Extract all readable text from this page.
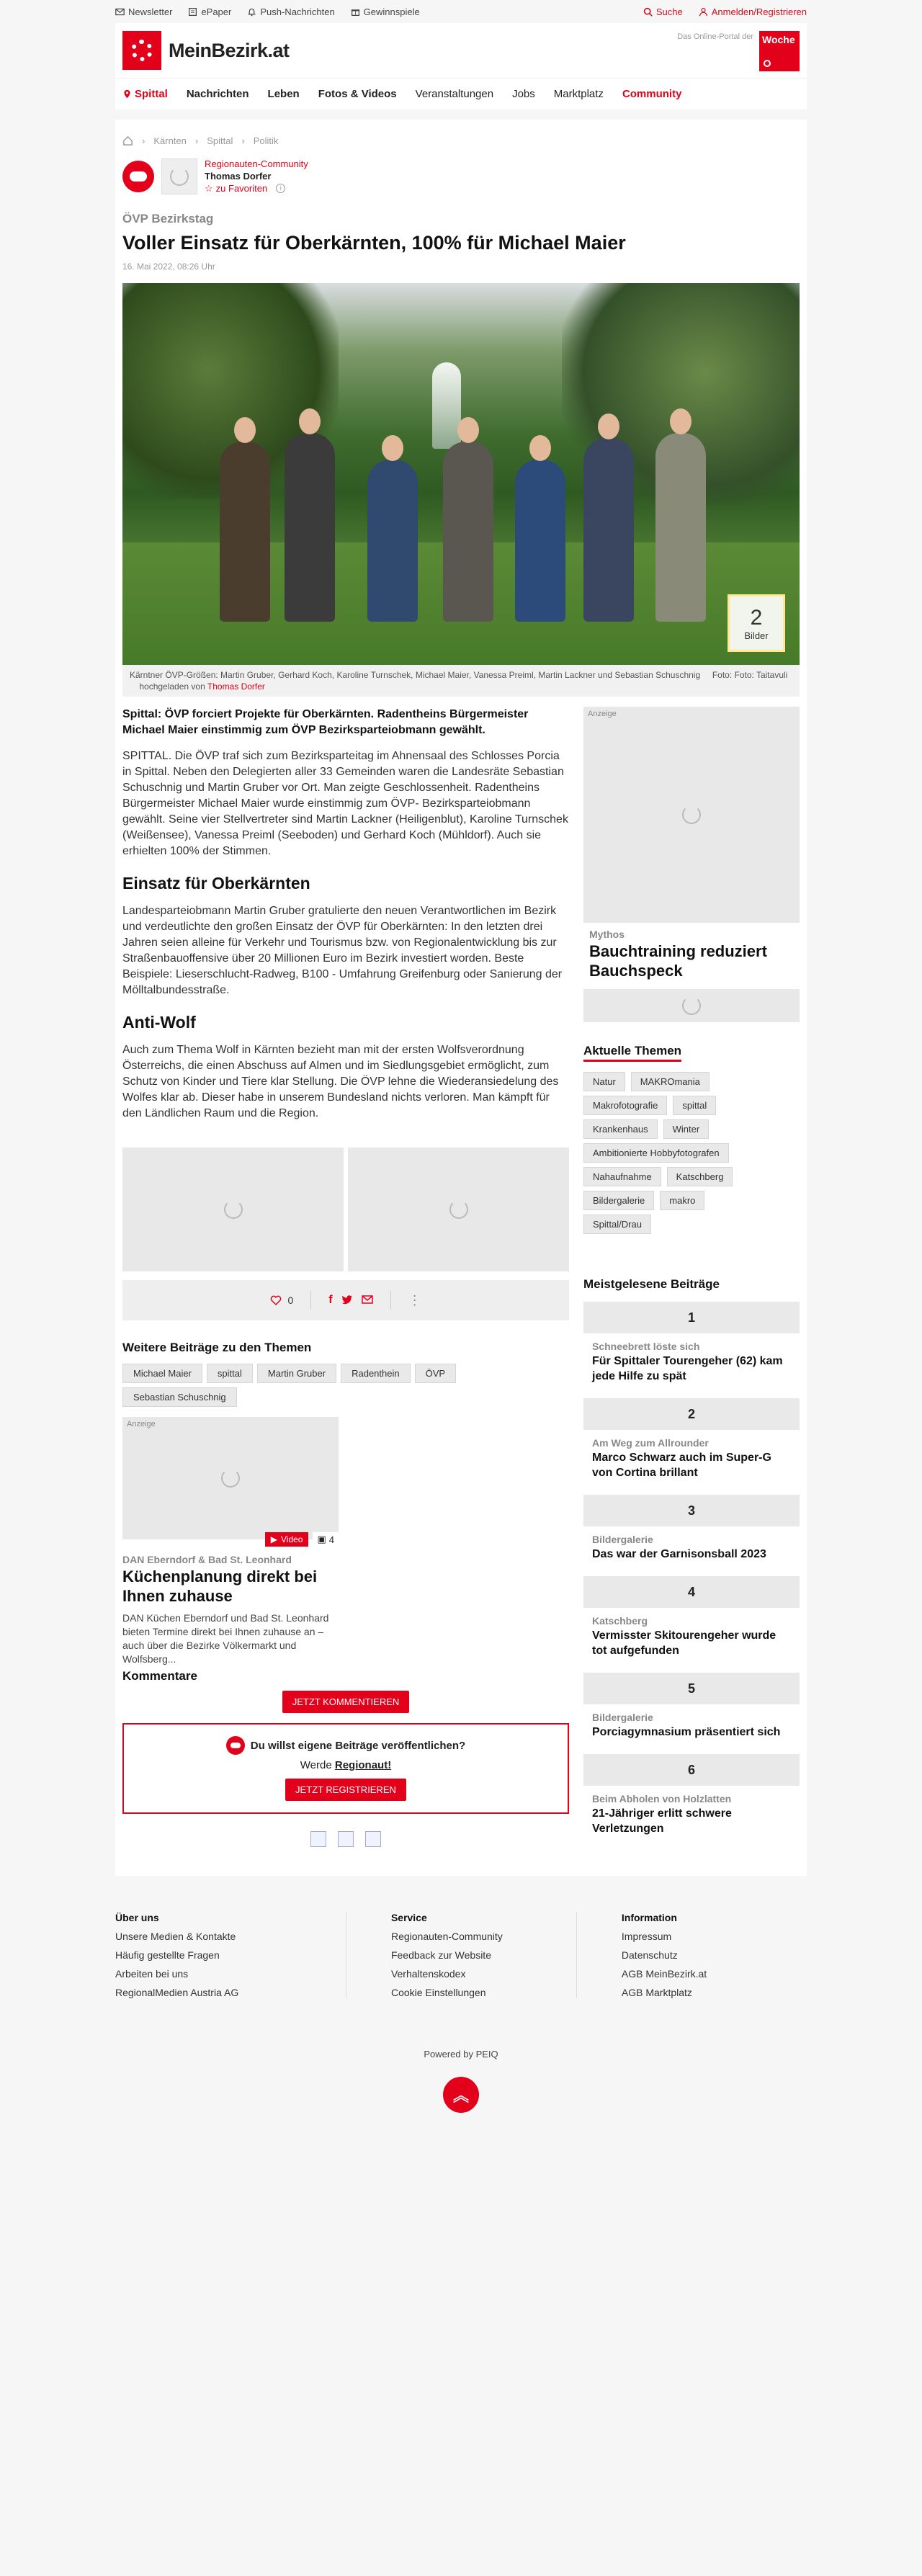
Newsletter	ePaper	Push-Nachrichten	Gewinnspiele	Suche	Anmelden/Registrieren
MeinBezirk.at
Das Online-Portal der Woche
Spittal Nachrichten Leben Fotos & Videos Veranstaltungen Jobs Marktplatz Community
› Kärnten › Spittal › Politik
Regionauten-Community
Thomas Dorfer
☆ zu Favoriten	i
ÖVP Bezirkstag
Voller Einsatz für Oberkärnten, 100% für Michael Maier
16. Mai 2022, 08:26 Uhr
2
Bilder
Kärntner ÖVP-Größen: Martin Gruber, Gerhard Koch, Karoline Turnschek, Michael Maier, Vanessa Preiml, Martin Lackner und Sebastian Schuschnig Foto: Foto: Taitavuli     hochgeladen von Thomas Dorfer

Spittal: ÖVP forciert Projekte für Oberkärnten. Radentheins Bürgermeister Michael Maier einstimmig zum ÖVP Bezirksparteiobmann gewählt.

SPITTAL. Die ÖVP traf sich zum Bezirksparteitag im Ahnensaal des Schlosses Porcia in Spittal. Neben den Delegierten aller 33 Gemeinden waren die Landesräte Sebastian Schuschnig und Martin Gruber vor Ort. Man zeigte Geschlossenheit. Radentheins Bürgermeister Michael Maier wurde einstimmig zum ÖVP- Bezirksparteiobmann gewählt. Seine vier Stellvertreter sind Martin Lackner (Heiligenblut), Karoline Turnschek (Weißensee), Vanessa Preiml (Seeboden) und Gerhard Koch (Mühldorf). Auch sie erhielten 100% der Stimmen.

Einsatz für Oberkärnten

Landesparteiobmann Martin Gruber gratulierte den neuen Verantwortlichen im Bezirk und verdeutlichte den großen Einsatz der ÖVP für Oberkärnten: In den letzten drei Jahren seien alleine für Verkehr und Tourismus bzw. von Regionalentwicklung bis zur Straßenbauoffensive über 20 Millionen Euro im Bezirk investiert worden. Beste Beispiele: Lieserschlucht-Radweg, B100 - Umfahrung Greifenburg oder Sanierung der Mölltalbundesstraße.

Anti-Wolf

Auch zum Thema Wolf in Kärnten bezieht man mit der ersten Wolfsverordnung Österreichs, die einen Abschuss auf Almen und im Siedlungsgebiet ermöglicht, zum Schutz von Kinder und Tiere klar Stellung. Die ÖVP lehne die Wiederansiedelung des Wolfes klar ab. Dieser habe in unserem Bundesland nichts verloren. Man kämpft für den Ländlichen Raum und die Region.

0	f	⋮
Weitere Beiträge zu den Themen
Michael Maier	spittal	Martin Gruber	Radenthein	ÖVP
Sebastian Schuschnig
Anzeige
▶ Video ▣ 4
DAN Eberndorf & Bad St. Leonhard
Küchenplanung direkt bei Ihnen zuhause
DAN Küchen Eberndorf und Bad St. Leonhard bieten Termine direkt bei Ihnen zuhause an – auch über die Bezirke Völkermarkt und Wolfsberg...
Kommentare
JETZT KOMMENTIEREN
Du willst eigene Beiträge veröffentlichen?
Werde Regionaut!
JETZT REGISTRIEREN
Anzeige
Mythos
Bauchtraining reduziert Bauchspeck
Aktuelle Themen
Natur	MAKROmania
Makrofotografie	spittal
Krankenhaus	Winter
Ambitionierte Hobbyfotografen
Nahaufnahme	Katschberg
Bildergalerie	makro
Spittal/Drau
Meistgelesene Beiträge
1
Schneebrett löste sich
Für Spittaler Tourengeher (62) kam jede Hilfe zu spät
2
Am Weg zum Allrounder
Marco Schwarz auch im Super-G von Cortina brillant
3
Bildergalerie
Das war der Garnisonsball 2023
4
Katschberg
Vermisster Skitourengeher wurde tot aufgefunden
5
Bildergalerie
Porciagymnasium präsentiert sich
6
Beim Abholen von Holzlatten
21-Jähriger erlitt schwere Verletzungen
Über uns
Unsere Medien & Kontakte
Häufig gestellte Fragen
Arbeiten bei uns
RegionalMedien Austria AG
Service
Regionauten-Community
Feedback zur Website
Verhaltenskodex
Cookie Einstellungen
Information
Impressum
Datenschutz
AGB MeinBezirk.at
AGB Marktplatz
Powered by PEIQ
︽
